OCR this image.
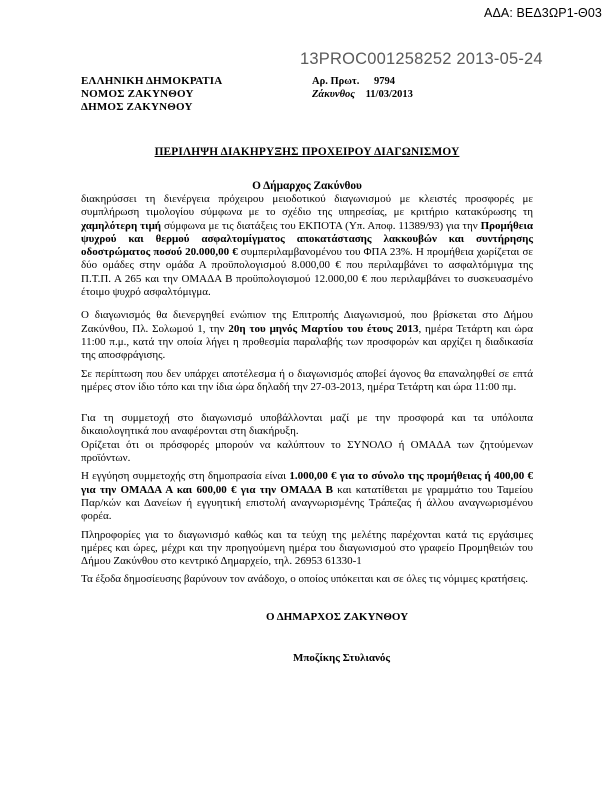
ΑΔΑ: ΒΕΔ3ΩΡ1-Θ03
13PROC001258252 2013-05-24
ΕΛΛΗΝΙΚΗ ΔΗΜΟΚΡΑΤΙΑ
ΝΟΜΟΣ ΖΑΚΥΝΘΟΥ
ΔΗΜΟΣ ΖΑΚΥΝΘΟΥ
Αρ. Πρωτ. 9794
Ζάκυνθος 11/03/2013
ΠΕΡΙΛΗΨΗ ΔΙΑΚΗΡΥΞΗΣ ΠΡΟΧΕΙΡΟΥ ΔΙΑΓΩΝΙΣΜΟΥ
Ο Δήμαρχος Ζακύνθου

διακηρύσσει τη διενέργεια πρόχειρου μειοδοτικού διαγωνισμού με κλειστές προσφορές με συμπλήρωση τιμολογίου σύμφωνα με το σχέδιο της υπηρεσίας, με κριτήριο κατακύρωσης τη χαμηλότερη τιμή σύμφωνα με τις διατάξεις του ΕΚΠΟΤΑ (Υπ. Αποφ. 11389/93) για την Προμήθεια ψυχρού και θερμού ασφαλτομίγματος αποκατάστασης λακκουβών και συντήρησης οδοστρώματος ποσού 20.000,00 € συμπεριλαμβανομένου του ΦΠΑ 23%. Η προμήθεια χωρίζεται σε δύο ομάδες στην ομάδα Α προϋπολογισμού 8.000,00 € που περιλαμβάνει το ασφαλτόμιγμα της Π.Τ.Π. Α 265 και την ΟΜΑΔΑ Β προϋπολογισμού 12.000,00 € που περιλαμβάνει το συσκευασμένο έτοιμο ψυχρό ασφαλτόμιγμα.

Ο διαγωνισμός θα διενεργηθεί ενώπιον της Επιτροπής Διαγωνισμού, που βρίσκεται στο Δήμου Ζακύνθου, Πλ. Σολωμού 1, την 20η του μηνός Μαρτίου του έτους 2013, ημέρα Τετάρτη και ώρα 11:00 π.μ., κατά την οποία λήγει η προθεσμία παραλαβής των προσφορών και αρχίζει η διαδικασία της αποσφράγισης.

Σε περίπτωση που δεν υπάρχει αποτέλεσμα ή ο διαγωνισμός αποβεί άγονος θα επαναληφθεί σε επτά ημέρες στον ίδιο τόπο και την ίδια ώρα δηλαδή την 27-03-2013, ημέρα Τετάρτη και ώρα 11:00 πμ.

Για τη συμμετοχή στο διαγωνισμό υποβάλλονται μαζί με την προσφορά και τα υπόλοιπα δικαιολογητικά που αναφέρονται στη διακήρυξη.

Ορίζεται ότι οι πρόσφορές μπορούν να καλύπτουν το ΣΥΝΟΛΟ ή ΟΜΑΔΑ των ζητούμενων προϊόντων.

Η εγγύηση συμμετοχής στη δημοπρασία είναι 1.000,00 € για το σύνολο της προμήθειας ή 400,00 € για την ΟΜΑΔΑ Α και 600,00 € για την ΟΜΑΔΑ Β και κατατίθεται με γραμμάτιο του Ταμείου Παρ/κών και Δανείων ή εγγυητική επιστολή αναγνωρισμένης Τράπεζας ή άλλου αναγνωρισμένου φορέα.

Πληροφορίες για το διαγωνισμό καθώς και τα τεύχη της μελέτης παρέχονται κατά τις εργάσιμες ημέρες και ώρες, μέχρι και την προηγούμενη ημέρα του διαγωνισμού στο γραφείο Προμηθειών του Δήμου Ζακύνθου στο κεντρικό Δημαρχείο, τηλ. 26953 61330-1

Τα έξοδα δημοσίευσης βαρύνουν τον ανάδοχο, ο οποίος υπόκειται και σε όλες τις νόμιμες κρατήσεις.

Ο ΔΗΜΑΡΧΟΣ ΖΑΚΥΝΘΟΥ
Μποζίκης Στυλιανός
